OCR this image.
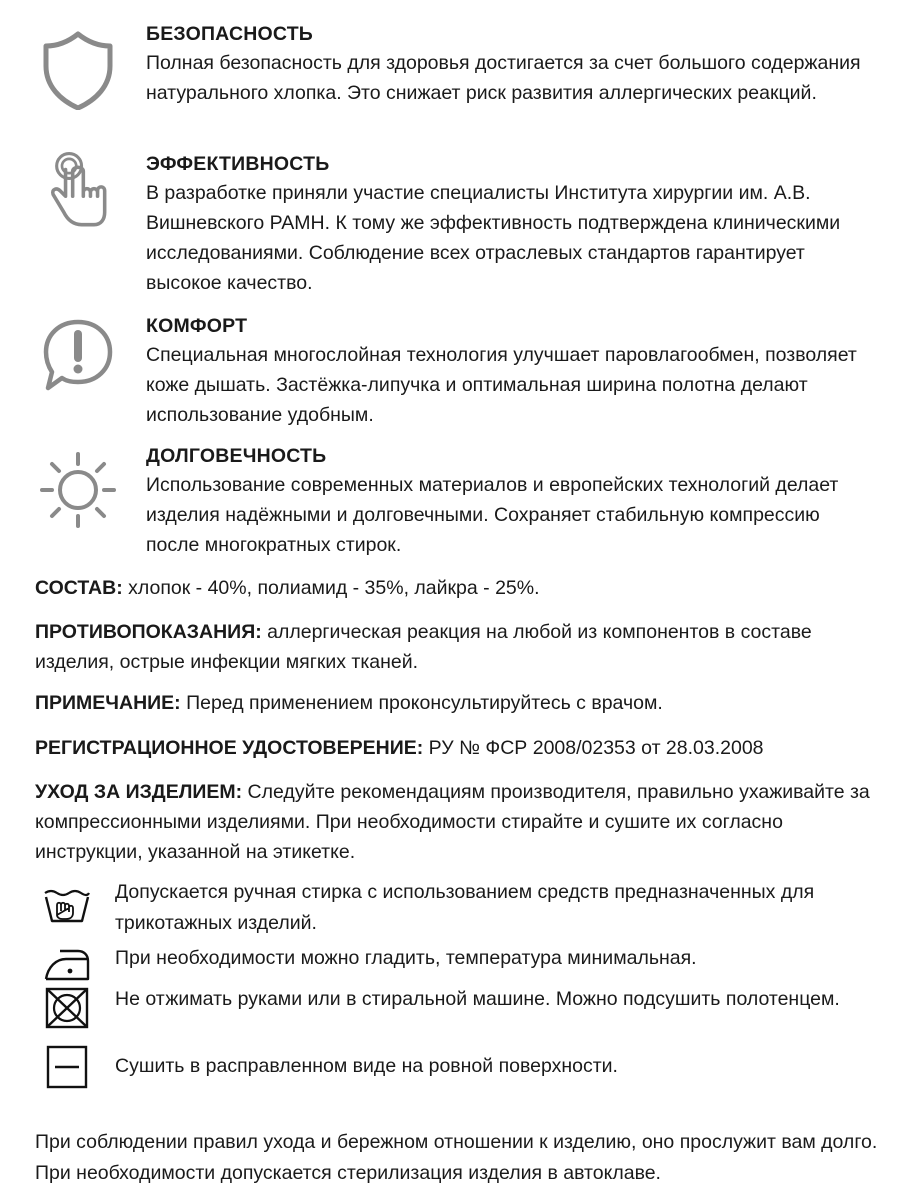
БЕЗОПАСНОСТЬ
Полная безопасность для здоровья достигается за счет большого содержания натурального хлопка. Это снижает риск развития аллергических реакций.
ЭФФЕКТИВНОСТЬ
В разработке приняли участие специалисты Института хирургии им. А.В. Вишневского РАМН. К тому же эффективность подтверждена клиническими исследованиями. Соблюдение всех отраслевых стандартов гарантирует высокое качество.
КОМФОРТ
Специальная многослойная технология улучшает паровлагообмен, позволяет коже дышать. Застёжка-липучка и оптимальная ширина полотна делают использование удобным.
ДОЛГОВЕЧНОСТЬ
Использование современных материалов и европейских технологий делает изделия надёжными и долговечными. Сохраняет стабильную компрессию после многократных стирок.
СОСТАВ: хлопок - 40%, полиамид - 35%, лайкра - 25%.
ПРОТИВОПОКАЗАНИЯ: аллергическая реакция на любой из компонентов в составе изделия, острые инфекции мягких тканей.
ПРИМЕЧАНИЕ: Перед применением проконсультируйтесь с врачом.
РЕГИСТРАЦИОННОЕ УДОСТОВЕРЕНИЕ: РУ № ФСР 2008/02353 от 28.03.2008
УХОД ЗА ИЗДЕЛИЕМ: Следуйте рекомендациям производителя, правильно ухаживайте за компрессионными изделиями. При необходимости стирайте и сушите их согласно инструкции, указанной на этикетке.
Допускается ручная стирка с использованием средств предназначенных для трикотажных изделий.
При необходимости можно гладить, температура минимальная.
Не отжимать руками или в стиральной машине. Можно подсушить полотенцем.
Сушить в расправленном виде на ровной поверхности.
При соблюдении правил ухода и бережном отношении к изделию, оно прослужит вам долго. При необходимости допускается стерилизация изделия в автоклаве.
